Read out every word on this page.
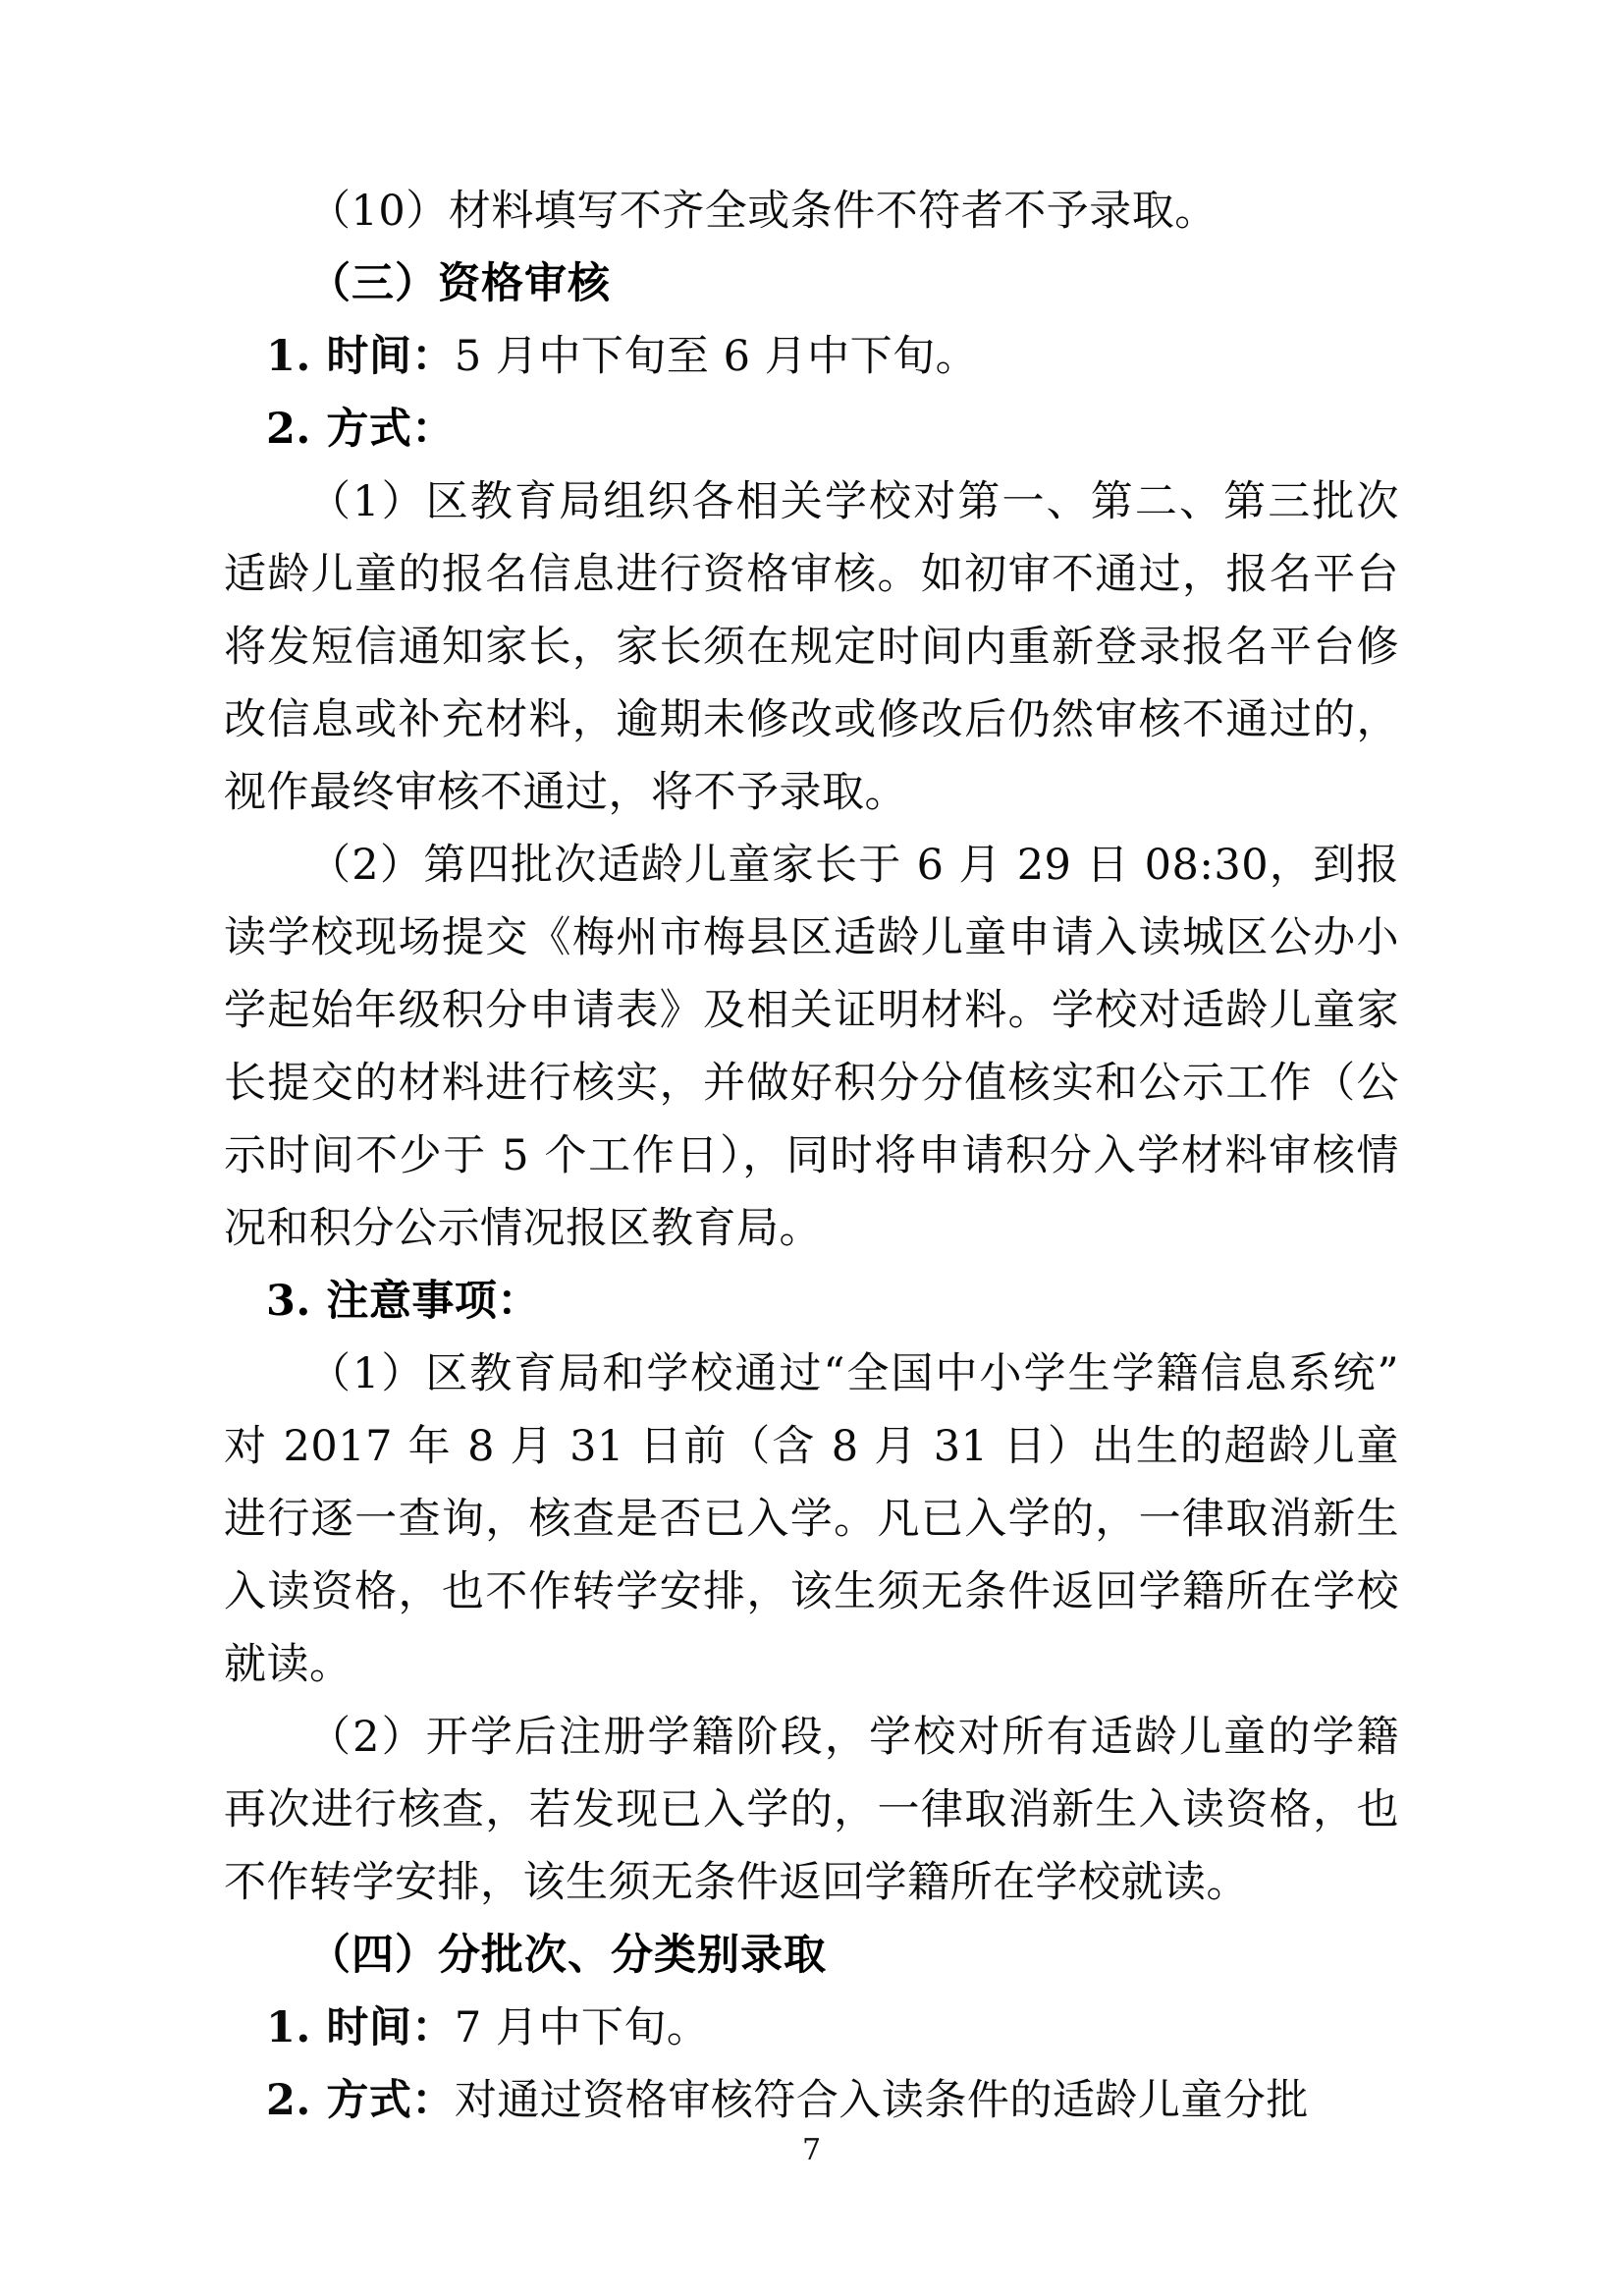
（10）材料填写不齐全或条件不符者不予录取。

（三）资格审核

1. 时间：5 月中下旬至 6 月中下旬。

2. 方式：

（1）区教育局组织各相关学校对第一、第二、第三批次适龄儿童的报名信息进行资格审核。如初审不通过，报名平台将发短信通知家长，家长须在规定时间内重新登录报名平台修改信息或补充材料，逾期未修改或修改后仍然审核不通过的，视作最终审核不通过，将不予录取。

（2）第四批次适龄儿童家长于 6 月 29 日 08:30，到报读学校现场提交《梅州市梅县区适龄儿童申请入读城区公办小学起始年级积分申请表》及相关证明材料。学校对适龄儿童家长提交的材料进行核实，并做好积分分值核实和公示工作（公示时间不少于 5 个工作日），同时将申请积分入学材料审核情况和积分公示情况报区教育局。

3. 注意事项：

（1）区教育局和学校通过“全国中小学生学籍信息系统”对 2017 年 8 月 31 日前（含 8 月 31 日）出生的超龄儿童进行逐一查询，核查是否已入学。凡已入学的，一律取消新生入读资格，也不作转学安排，该生须无条件返回学籍所在学校就读。

（2）开学后注册学籍阶段，学校对所有适龄儿童的学籍再次进行核查，若发现已入学的，一律取消新生入读资格，也不作转学安排，该生须无条件返回学籍所在学校就读。

（四）分批次、分类别录取

1. 时间：7 月中下旬。

2. 方式：对通过资格审核符合入读条件的适龄儿童分批

7
